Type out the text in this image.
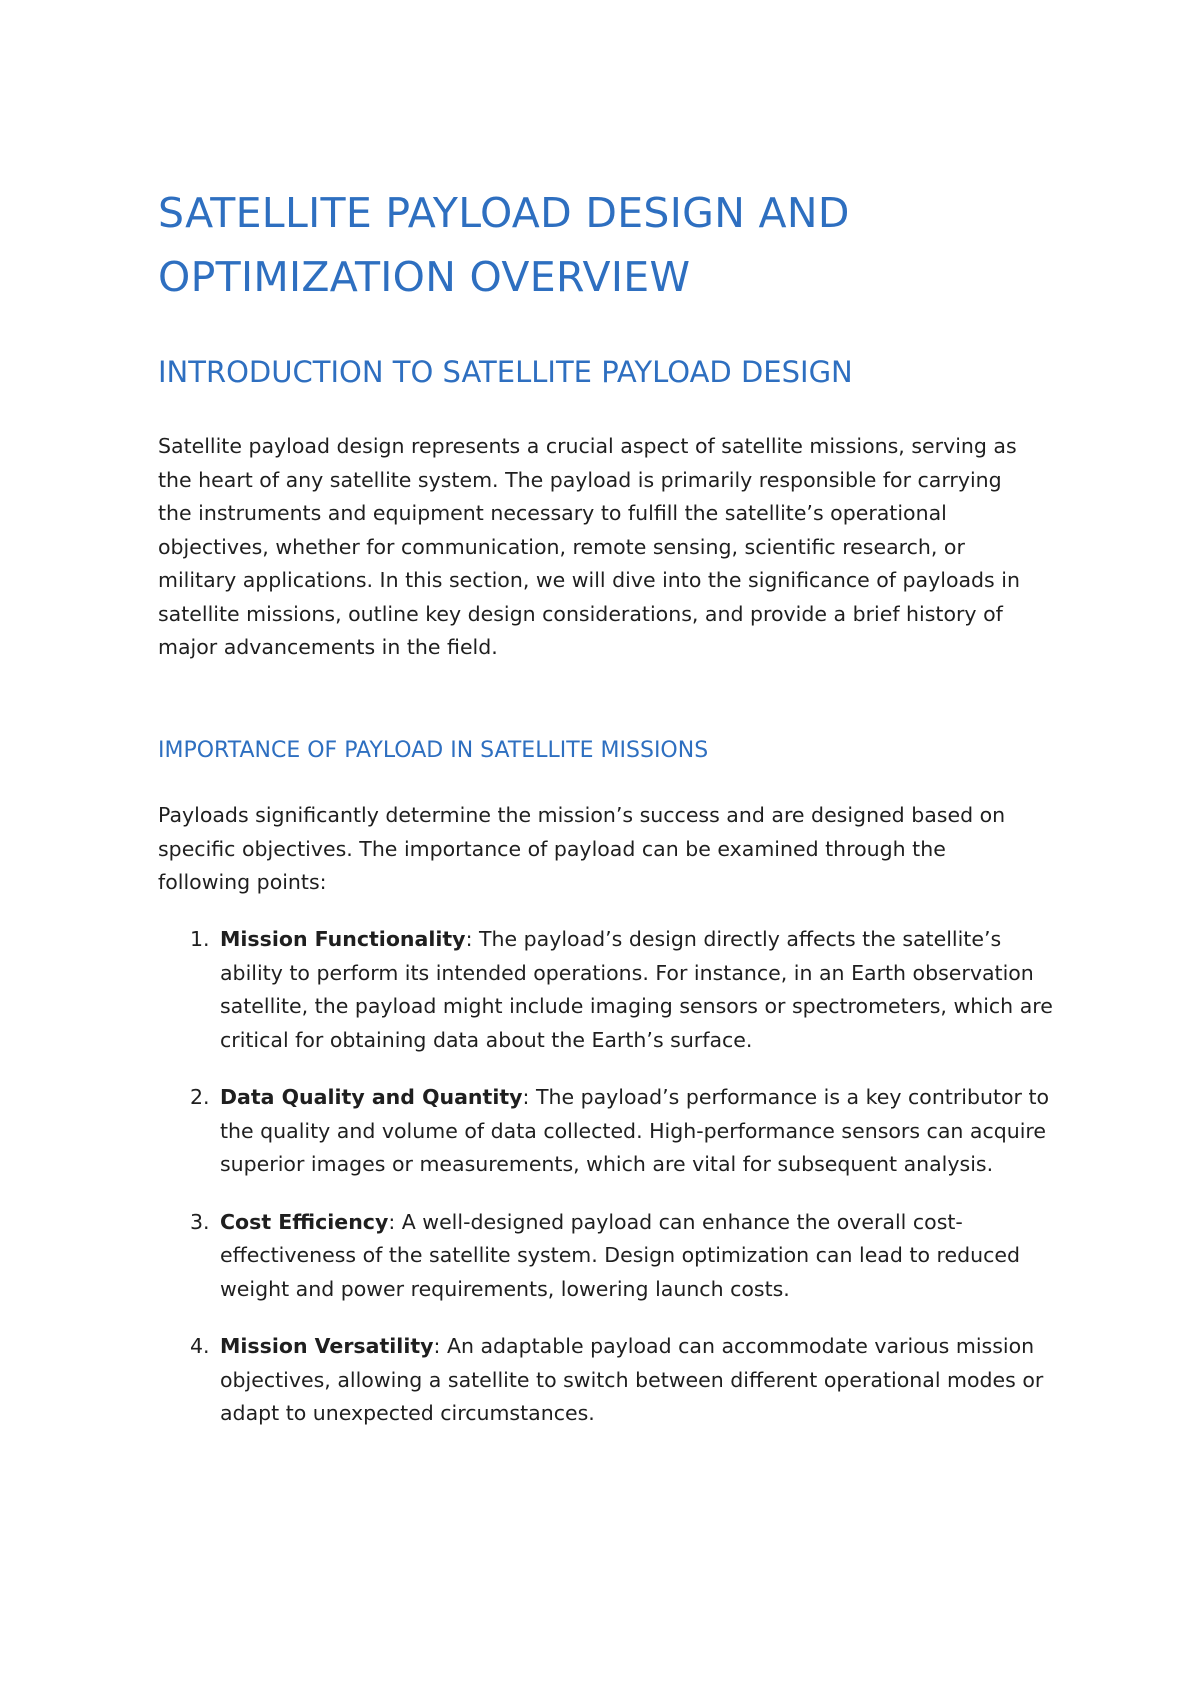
SATELLITE PAYLOAD DESIGN AND OPTIMIZATION OVERVIEW
INTRODUCTION TO SATELLITE PAYLOAD DESIGN

Satellite payload design represents a crucial aspect of satellite missions, serving as the heart of any satellite system. The payload is primarily responsible for carrying the instruments and equipment necessary to fulfill the satellite’s operational objectives, whether for communication, remote sensing, scientific research, or military applications. In this section, we will dive into the significance of payloads in satellite missions, outline key design considerations, and provide a brief history of major advancements in the field.

IMPORTANCE OF PAYLOAD IN SATELLITE MISSIONS

Payloads significantly determine the mission’s success and are designed based on specific objectives. The importance of payload can be examined through the following points:

1. Mission Functionality: The payload’s design directly affects the satellite’s ability to perform its intended operations. For instance, in an Earth observation satellite, the payload might include imaging sensors or spectrometers, which are critical for obtaining data about the Earth’s surface.
2. Data Quality and Quantity: The payload’s performance is a key contributor to the quality and volume of data collected. High-performance sensors can acquire superior images or measurements, which are vital for subsequent analysis.
3. Cost Efficiency: A well-designed payload can enhance the overall cost-effectiveness of the satellite system. Design optimization can lead to reduced weight and power requirements, lowering launch costs.
4. Mission Versatility: An adaptable payload can accommodate various mission objectives, allowing a satellite to switch between different operational modes or adapt to unexpected circumstances.
